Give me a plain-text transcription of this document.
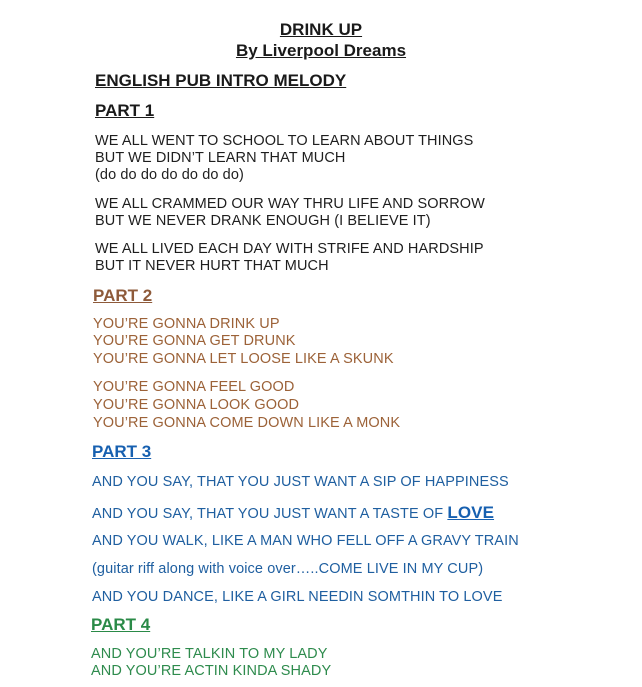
DRINK UP
By Liverpool Dreams
ENGLISH PUB INTRO MELODY
PART 1
WE ALL WENT TO SCHOOL TO LEARN ABOUT THINGS
BUT WE DIDN’T LEARN THAT MUCH
(do do do do do do do)
WE ALL CRAMMED OUR WAY THRU LIFE AND SORROW
BUT WE NEVER DRANK ENOUGH (I BELIEVE IT)
WE ALL LIVED EACH DAY WITH STRIFE AND HARDSHIP
BUT IT NEVER HURT THAT MUCH
PART 2
YOU’RE GONNA DRINK UP
YOU’RE GONNA GET DRUNK
YOU’RE GONNA LET LOOSE LIKE A SKUNK
YOU’RE GONNA FEEL GOOD
YOU’RE GONNA LOOK GOOD
YOU’RE GONNA COME DOWN LIKE A MONK
PART 3
AND YOU SAY, THAT YOU JUST WANT A SIP OF HAPPINESS
AND YOU SAY, THAT YOU JUST WANT A TASTE OF LOVE
AND YOU WALK, LIKE A MAN WHO FELL OFF A GRAVY TRAIN
(guitar riff along with voice over…..COME LIVE IN MY CUP)
AND YOU DANCE, LIKE A GIRL NEEDIN SOMTHIN TO LOVE
PART 4
AND YOU’RE TALKIN TO MY LADY
AND YOU’RE ACTIN KINDA SHADY
